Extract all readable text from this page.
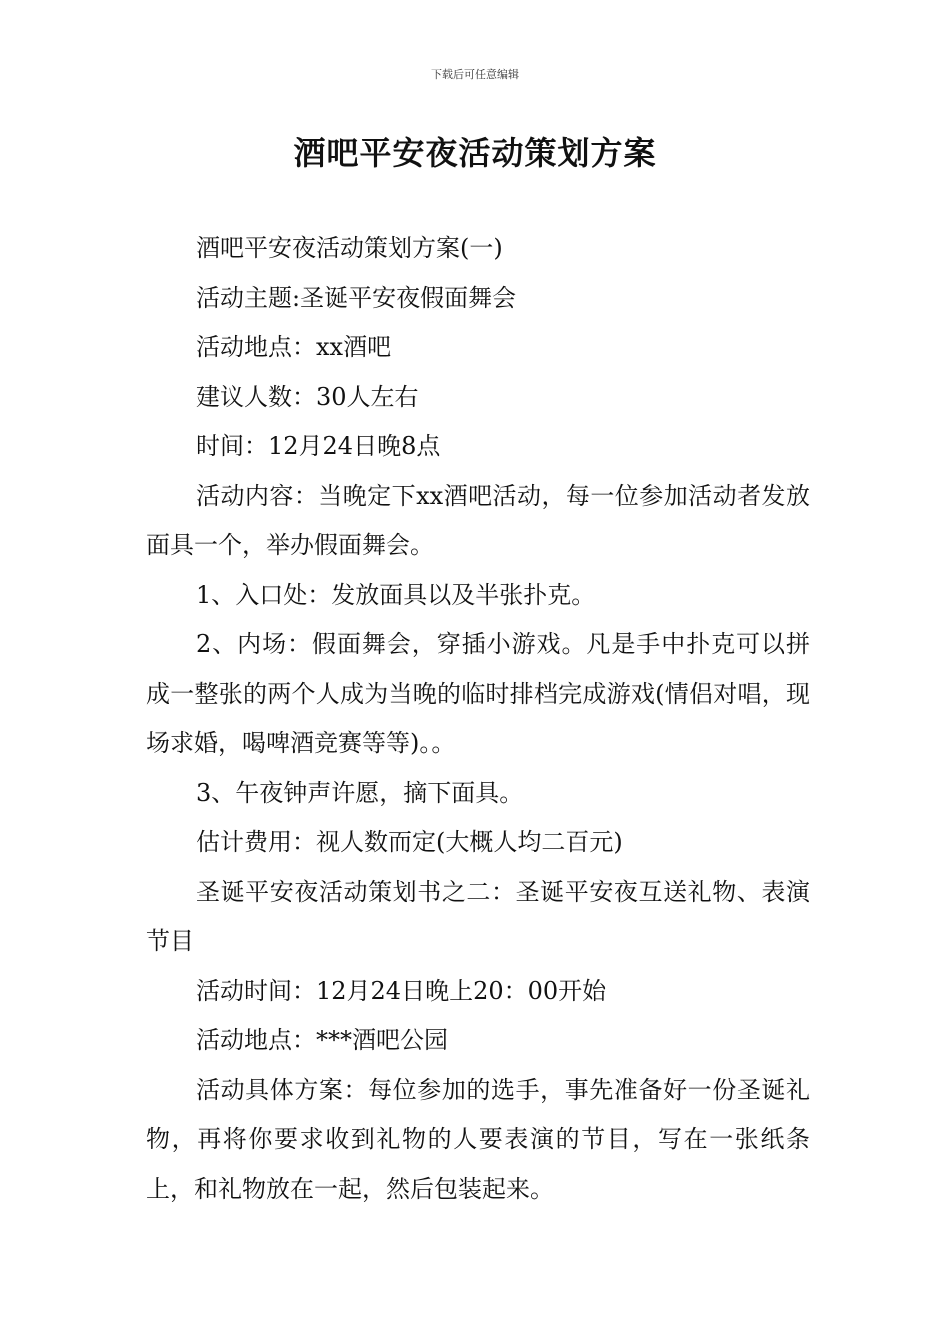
下载后可任意编辑
酒吧平安夜活动策划方案

酒吧平安夜活动策划方案(一)

活动主题:圣诞平安夜假面舞会

活动地点：xx酒吧

建议人数：30人左右

时间：12月24日晚8点

活动内容：当晚定下xx酒吧活动，每一位参加活动者发放面具一个，举办假面舞会。

1、入口处：发放面具以及半张扑克。

2、内场：假面舞会，穿插小游戏。凡是手中扑克可以拼成一整张的两个人成为当晚的临时排档完成游戏(情侣对唱，现场求婚，喝啤酒竞赛等等)。。

3、午夜钟声许愿，摘下面具。

估计费用：视人数而定(大概人均二百元)

圣诞平安夜活动策划书之二：圣诞平安夜互送礼物、表演节目

活动时间：12月24日晚上20：00开始

活动地点：***酒吧公园

活动具体方案：每位参加的选手，事先准备好一份圣诞礼物，再将你要求收到礼物的人要表演的节目，写在一张纸条上，和礼物放在一起，然后包装起来。
